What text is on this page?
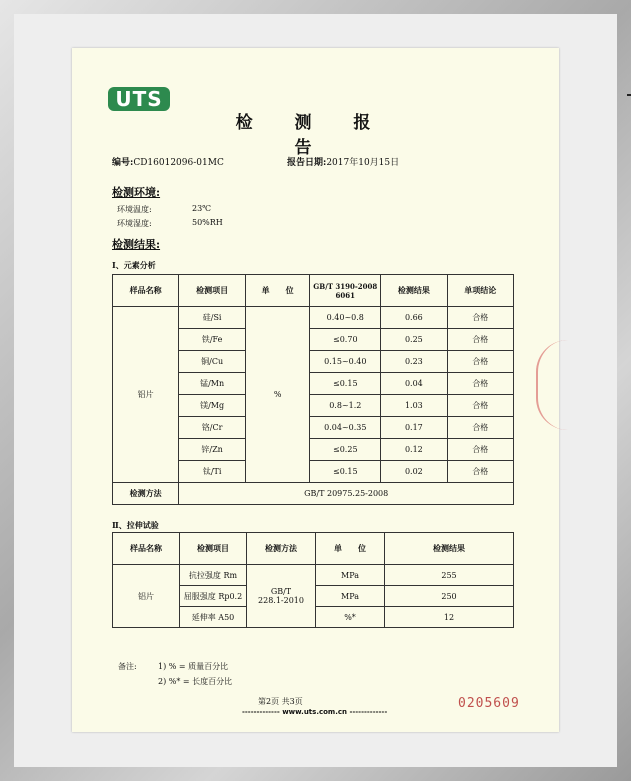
UTS
检 测 报 告
编号:CD16012096-01MC	报告日期:2017年10月15日
检测环境:
环境温度:	23℃
环境湿度:	50%RH
检测结果:
Ⅰ、元素分析
样品名称	检测项目	单　　位	GB/T 3190-2008 6061	检测结果	单项结论
铝片	硅/Si	%	0.40~0.8	0.66	合格
	铁/Fe		≤0.70	0.25	合格
	铜/Cu		0.15~0.40	0.23	合格
	锰/Mn		≤0.15	0.04	合格
	镁/Mg		0.8~1.2	1.03	合格
	铬/Cr		0.04~0.35	0.17	合格
	锌/Zn		≤0.25	0.12	合格
	钛/Ti		≤0.15	0.02	合格
检测方法	GB/T 20975.25-2008				
Ⅱ、拉伸试验
样品名称	检测项目	检测方法	单　　位	检测结果
铝片	抗拉强度 Rm	GB/T 228.1-2010	MPa	255
	屈服强度 Rp0.2		MPa	250
	延伸率 A50		%*	12
备注:	1) % = 质量百分比
2) %* = 长度百分比
第2页 共3页
------------- www.uts.com.cn -------------
0205609
